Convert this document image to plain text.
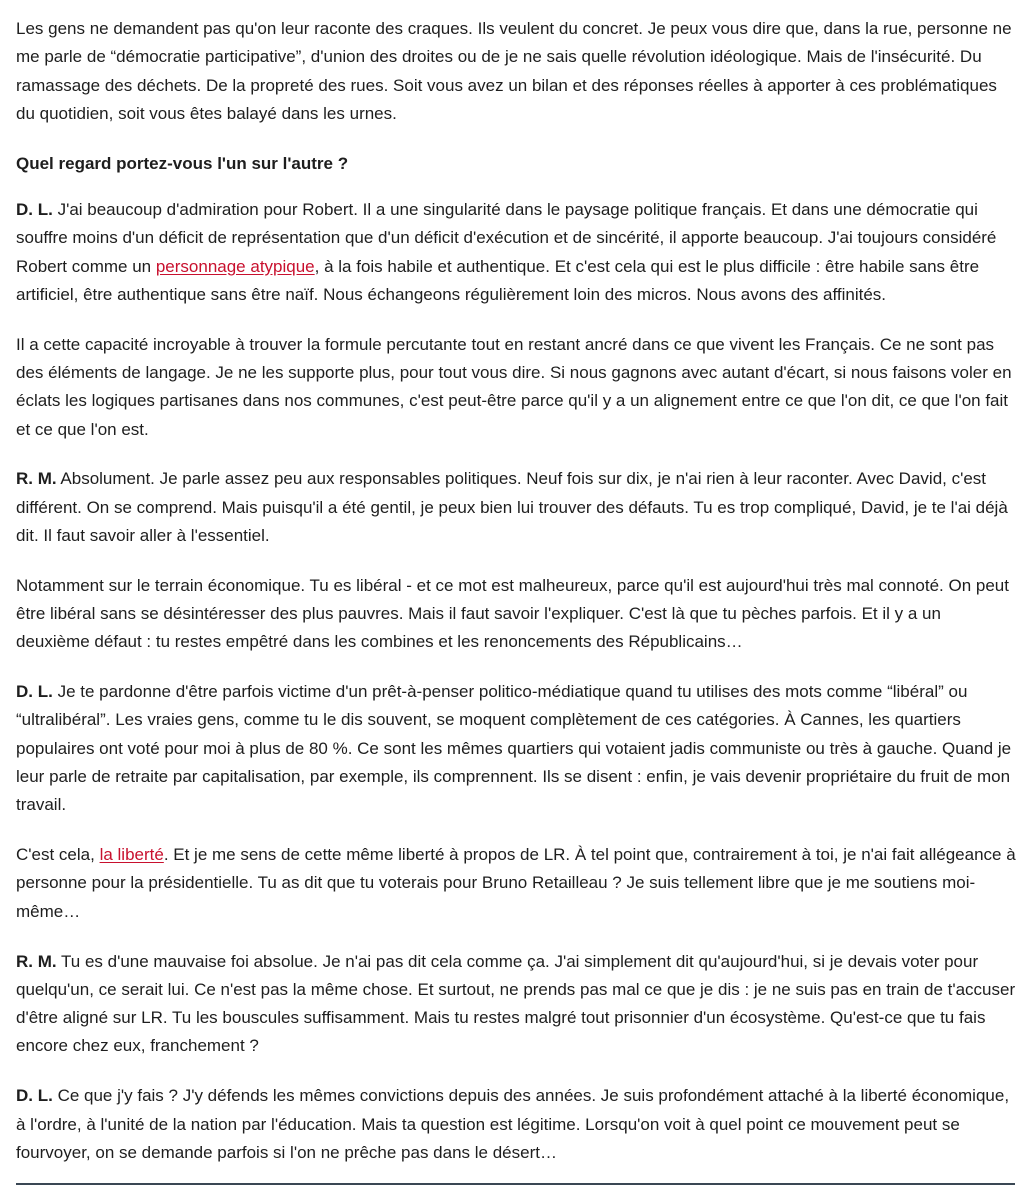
Les gens ne demandent pas qu'on leur raconte des craques. Ils veulent du concret. Je peux vous dire que, dans la rue, personne ne me parle de “démocratie participative”, d'union des droites ou de je ne sais quelle révolution idéologique. Mais de l'insécurité. Du ramassage des déchets. De la propreté des rues. Soit vous avez un bilan et des réponses réelles à apporter à ces problématiques du quotidien, soit vous êtes balayé dans les urnes.

Quel regard portez-vous l'un sur l'autre ?

D. L. J'ai beaucoup d'admiration pour Robert. Il a une singularité dans le paysage politique français. Et dans une démocratie qui souffre moins d'un déficit de représentation que d'un déficit d'exécution et de sincérité, il apporte beaucoup. J'ai toujours considéré Robert comme un personnage atypique, à la fois habile et authentique. Et c'est cela qui est le plus difficile : être habile sans être artificiel, être authentique sans être naïf. Nous échangeons régulièrement loin des micros. Nous avons des affinités.

Il a cette capacité incroyable à trouver la formule percutante tout en restant ancré dans ce que vivent les Français. Ce ne sont pas des éléments de langage. Je ne les supporte plus, pour tout vous dire. Si nous gagnons avec autant d'écart, si nous faisons voler en éclats les logiques partisanes dans nos communes, c'est peut-être parce qu'il y a un alignement entre ce que l'on dit, ce que l'on fait et ce que l'on est.

R. M. Absolument. Je parle assez peu aux responsables politiques. Neuf fois sur dix, je n'ai rien à leur raconter. Avec David, c'est différent. On se comprend. Mais puisqu'il a été gentil, je peux bien lui trouver des défauts. Tu es trop compliqué, David, je te l'ai déjà dit. Il faut savoir aller à l'essentiel.

Notamment sur le terrain économique. Tu es libéral - et ce mot est malheureux, parce qu'il est aujourd'hui très mal connoté. On peut être libéral sans se désintéresser des plus pauvres. Mais il faut savoir l'expliquer. C'est là que tu pèches parfois. Et il y a un deuxième défaut : tu restes empêtré dans les combines et les renoncements des Républicains…

D. L. Je te pardonne d'être parfois victime d'un prêt-à-penser politico-médiatique quand tu utilises des mots comme “libéral” ou “ultralibéral”. Les vraies gens, comme tu le dis souvent, se moquent complètement de ces catégories. À Cannes, les quartiers populaires ont voté pour moi à plus de 80 %. Ce sont les mêmes quartiers qui votaient jadis communiste ou très à gauche. Quand je leur parle de retraite par capitalisation, par exemple, ils comprennent. Ils se disent : enfin, je vais devenir propriétaire du fruit de mon travail.

C'est cela, la liberté. Et je me sens de cette même liberté à propos de LR. À tel point que, contrairement à toi, je n'ai fait allégeance à personne pour la présidentielle. Tu as dit que tu voterais pour Bruno Retailleau ? Je suis tellement libre que je me soutiens moi-même…

R. M. Tu es d'une mauvaise foi absolue. Je n'ai pas dit cela comme ça. J'ai simplement dit qu'aujourd'hui, si je devais voter pour quelqu'un, ce serait lui. Ce n'est pas la même chose. Et surtout, ne prends pas mal ce que je dis : je ne suis pas en train de t'accuser d'être aligné sur LR. Tu les bouscules suffisamment. Mais tu restes malgré tout prisonnier d'un écosystème. Qu'est-ce que tu fais encore chez eux, franchement ?

D. L. Ce que j'y fais ? J'y défends les mêmes convictions depuis des années. Je suis profondément attaché à la liberté économique, à l'ordre, à l'unité de la nation par l'éducation. Mais ta question est légitime. Lorsqu'on voit à quel point ce mouvement peut se fourvoyer, on se demande parfois si l'on ne prêche pas dans le désert…
